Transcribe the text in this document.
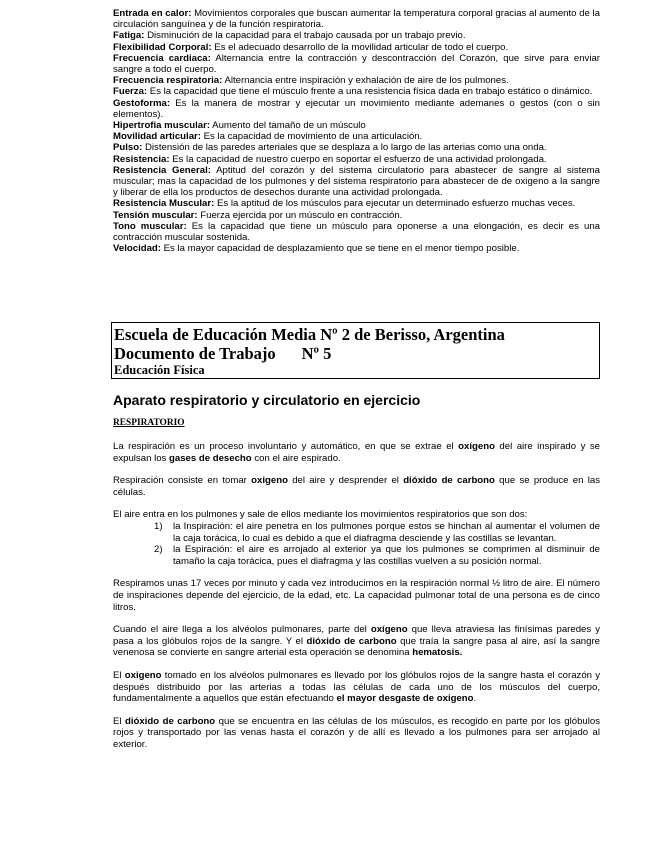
Entrada en calor: Movimientos corporales que buscan aumentar la temperatura corporal gracias al aumento de la circulación sanguínea y de la función respiratoria.

Fatiga: Disminución de la capacidad para el trabajo causada por un trabajo previo.

Flexibilidad Corporal: Es el adecuado desarrollo de la movilidad articular de todo el cuerpo.

Frecuencia cardiaca: Alternancia entre la contracción y descontracción del Corazón, que sirve para enviar sangre a todo el cuerpo.

Frecuencia respiratoria: Alternancia entre inspiración y exhalación de aire de los pulmones.

Fuerza: Es la capacidad que tiene el músculo frente a una resistencia física dada en trabajo estático o dinámico.

Gestoforma: Es la manera de mostrar y ejecutar un movimiento mediante ademanes o gestos (con o sin elementos).

Hipertrofia muscular: Aumento del tamaño de un músculo

Movilidad articular: Es la capacidad de movimiento de una articulación.

Pulso: Distensión de las paredes arteriales que se desplaza a lo largo de las arterias como una onda.

Resistencia: Es la capacidad de nuestro cuerpo en soportar el esfuerzo de una actividad prolongada.

Resistencia General: Aptitud del corazón y del sistema circulatorio para abastecer de sangre al sistema muscular; mas la capacidad de los pulmones y del sistema respiratorio para abastecer de de oxigeno a la sangre y liberar de ella los productos de desechos durante una actividad prolongada.

Resistencia Muscular: Es la aptitud de los músculos para ejecutar un determinado esfuerzo muchas veces.

Tensión muscular: Fuerza ejercida por un músculo en contracción.

Tono muscular: Es la capacidad que tiene un músculo para oponerse a una elongación, es decir es una contracción muscular sostenida.

Velocidad: Es la mayor capacidad de desplazamiento que se tiene en el menor tiempo posible.

Escuela de Educación Media Nº 2 de Berisso, Argentina
Documento de Trabajo Nº 5
Educación Física
Aparato respiratorio y circulatorio en ejercicio
RESPIRATORIO

La respiración es un proceso involuntario y automático, en que se extrae el oxígeno del aire inspirado y se expulsan los gases de desecho con el aire espirado.

Respiración consiste en tomar oxigeno del aire y desprender el dióxido de carbono que se produce en las células.

El aire entra en los pulmones y sale de ellos mediante los movimientos respiratorios que son dos:

1) la Inspiración: el aire penetra en los pulmones porque estos se hinchan al aumentar el volumen de la caja torácica, lo cual es debido a que el diafragma desciende y las costillas se levantan.
2) la Espiración: el aire es arrojado al exterior ya que los pulmones se comprimen al disminuir de tamaño la caja torácica, pues el diafragma y las costillas vuelven a su posición normal.

Respiramos unas 17 veces por minuto y cada vez introducimos en la respiración normal ½ litro de aire. El número de inspiraciones depende del ejercicio, de la edad, etc. La capacidad pulmonar total de una persona es de cinco litros.

Cuando el aire llega a los alvéolos pulmonares, parte del oxígeno que lleva atraviesa las finísimas paredes y pasa a los glóbulos rojos de la sangre. Y el dióxido de carbono que traía la sangre pasa al aire, así la sangre venenosa se convierte en sangre arterial esta operación se denomina hematosis.

El oxigeno tomado en los alvéolos pulmonares es llevado por los glóbulos rojos de la sangre hasta el corazón y después distribuido por las arterias a todas las células de cada uno de los músculos del cuerpo, fundamentalmente a aquellos que están efectuando el mayor desgaste de oxigeno.

El dióxido de carbono que se encuentra en las células de los músculos, es recogido en parte por los glóbulos rojos y transportado por las venas hasta el corazón y de allí es llevado a los pulmones para ser arrojado al exterior.
